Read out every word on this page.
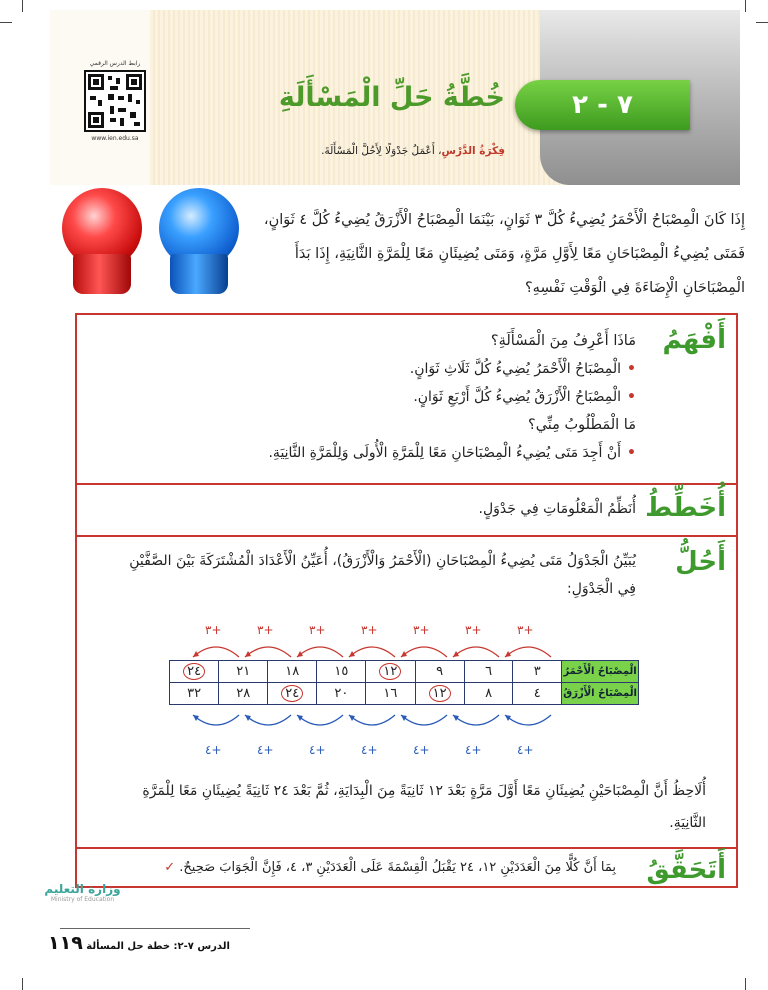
رابط الدرس الرقمي
www.ien.edu.sa
٧ - ٢
خُطَّةُ حَلِّ الْمَسْأَلَةِ
فِكْرَةُ الدَّرْسِ، أَعْمَلُ جَدْوَلًا لِأَحُلَّ الْمَسْأَلَةَ.
إِذَا كَانَ الْمِصْبَاحُ الْأَحْمَرُ يُضِيءُ كُلَّ ٣ ثَوَانٍ، بَيْنَمَا الْمِصْبَاحُ الْأَزْرَقُ يُضِيءُ كُلَّ ٤ ثَوَانٍ، فَمَتَى يُضِيءُ الْمِصْبَاحَانِ مَعًا لِأَوَّلِ مَرَّةٍ، وَمَتَى يُضِيئَانِ مَعًا لِلْمَرَّةِ الثَّانِيَةِ، إِذَا بَدَأَ الْمِصْبَاحَانِ الْإِضَاءَةَ فِي الْوَقْتِ نَفْسِهِ؟
أَفْهَمُ
مَاذَا أَعْرِفُ مِنَ الْمَسْأَلَةِ؟
•الْمِصْبَاحُ الْأَحْمَرُ يُضِيءُ كُلَّ ثَلَاثِ ثَوَانٍ.
•الْمِصْبَاحُ الْأَزْرَقُ يُضِيءُ كُلَّ أَرْبَعِ ثَوَانٍ.
مَا الْمَطْلُوبُ مِنِّي؟
•أَنْ أَجِدَ مَتَى يُضِيءُ الْمِصْبَاحَانِ مَعًا لِلْمَرَّةِ الْأُولَى وَلِلْمَرَّةِ الثَّانِيَةِ.
أُخَطِّطُ
أُنَظِّمُ الْمَعْلُومَاتِ فِي جَدْوَلٍ.
أَحُلُّ
يُبَيِّنُ الْجَدْوَلُ مَتَى يُضِيءُ الْمِصْبَاحَانِ (الْأَحْمَرُ وَالْأَزْرَقُ)، أُعَيِّنُ الْأَعْدَادَ الْمُشْتَرَكَةَ بَيْنَ الصَّفَّيْنِ فِي الْجَدْوَلِ:
+٣	+٣	+٣	+٣	+٣	+٣	+٣
الْمِصْبَاحُ الْأَحْمَرُ	٣	٦	٩	١٢	١٥	١٨	٢١	٢٤
الْمِصْبَاحُ الْأَزْرَقُ	٤	٨	١٢	١٦	٢٠	٢٤	٢٨	٣٢
+٤	+٤	+٤	+٤	+٤	+٤	+٤
أُلَاحِظُ أَنَّ الْمِصْبَاحَيْنِ يُضِيئَانِ مَعًا أَوَّلَ مَرَّةٍ بَعْدَ ١٢ ثَانِيَةً مِنَ الْبِدَايَةِ، ثُمَّ بَعْدَ ٢٤ ثَانِيَةً يُضِيئَانِ مَعًا لِلْمَرَّةِ الثَّانِيَةِ.
أَتَحَقَّقُ
بِمَا أَنَّ كُلًّا مِنَ الْعَدَدَيْنِ ١٢، ٢٤ يَقْبَلُ الْقِسْمَةَ عَلَى الْعَدَدَيْنِ ٣، ٤، فَإِنَّ الْجَوَابَ صَحِيحٌ. ✓
وزارة التعليم
Ministry of Education
الدرس ٧-٢: خطة حل المسألة ١١٩
